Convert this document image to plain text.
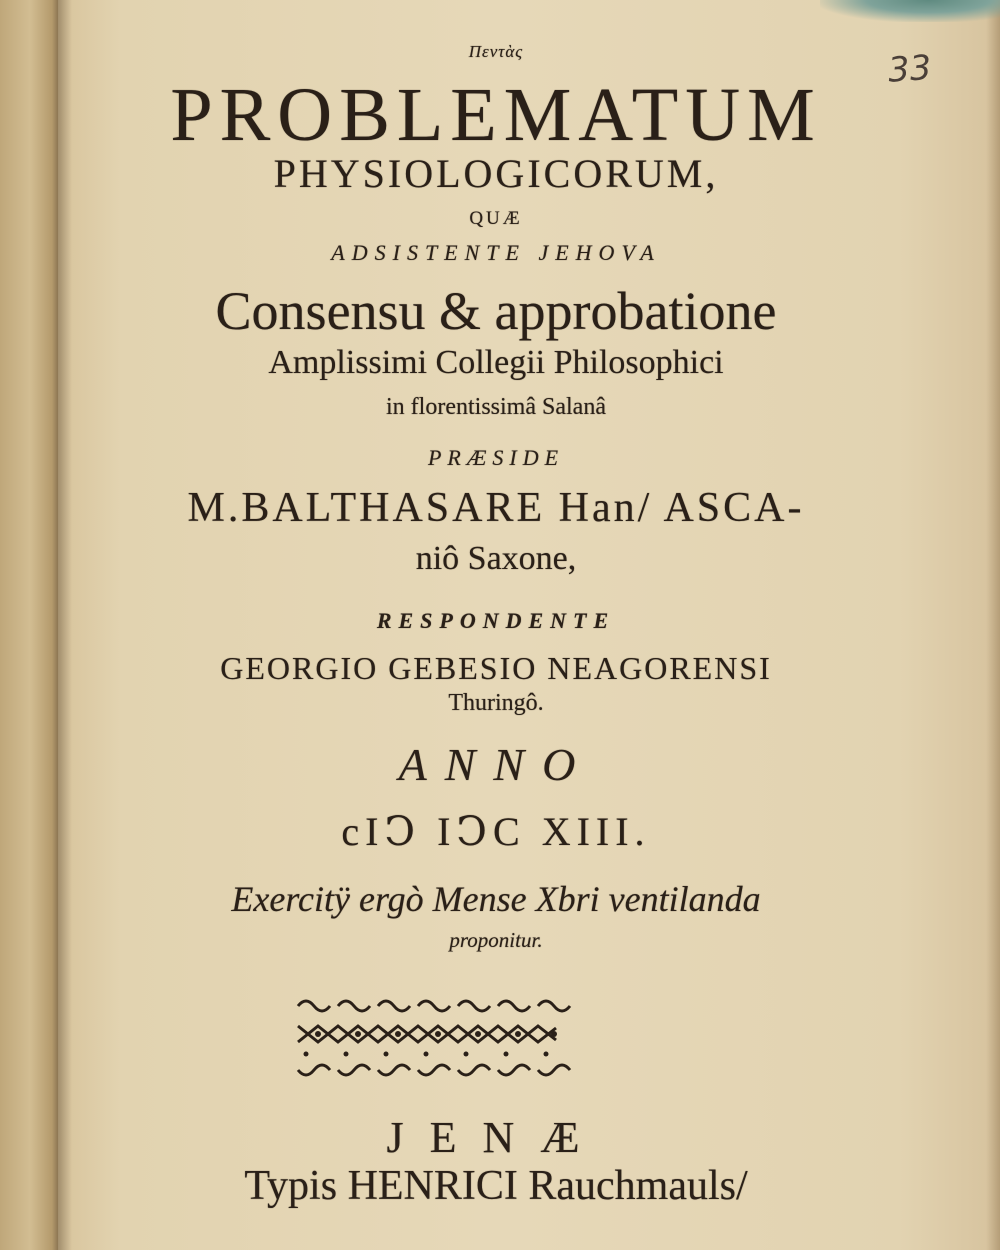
33
Πεντὰς
PROBLEMATUM
PHYSIOLOGICORUM,
QUÆ
ADSISTENTE JEHOVA
Consensu & approbatione
Amplissimi Collegii Philosophici
in florentissimâ Salanâ
PRÆSIDE
M.BALTHASARE Han/ ASCA-
niô Saxone,
RESPONDENTE
GEORGIO GEBESIO NEAGORENSI
Thuringô.
ANNO
cIↃ IↃC XIII.
Exercitÿ ergò Mense Xbri ventilanda
proponitur.
JENÆ
Typis HENRICI Rauchmauls/
